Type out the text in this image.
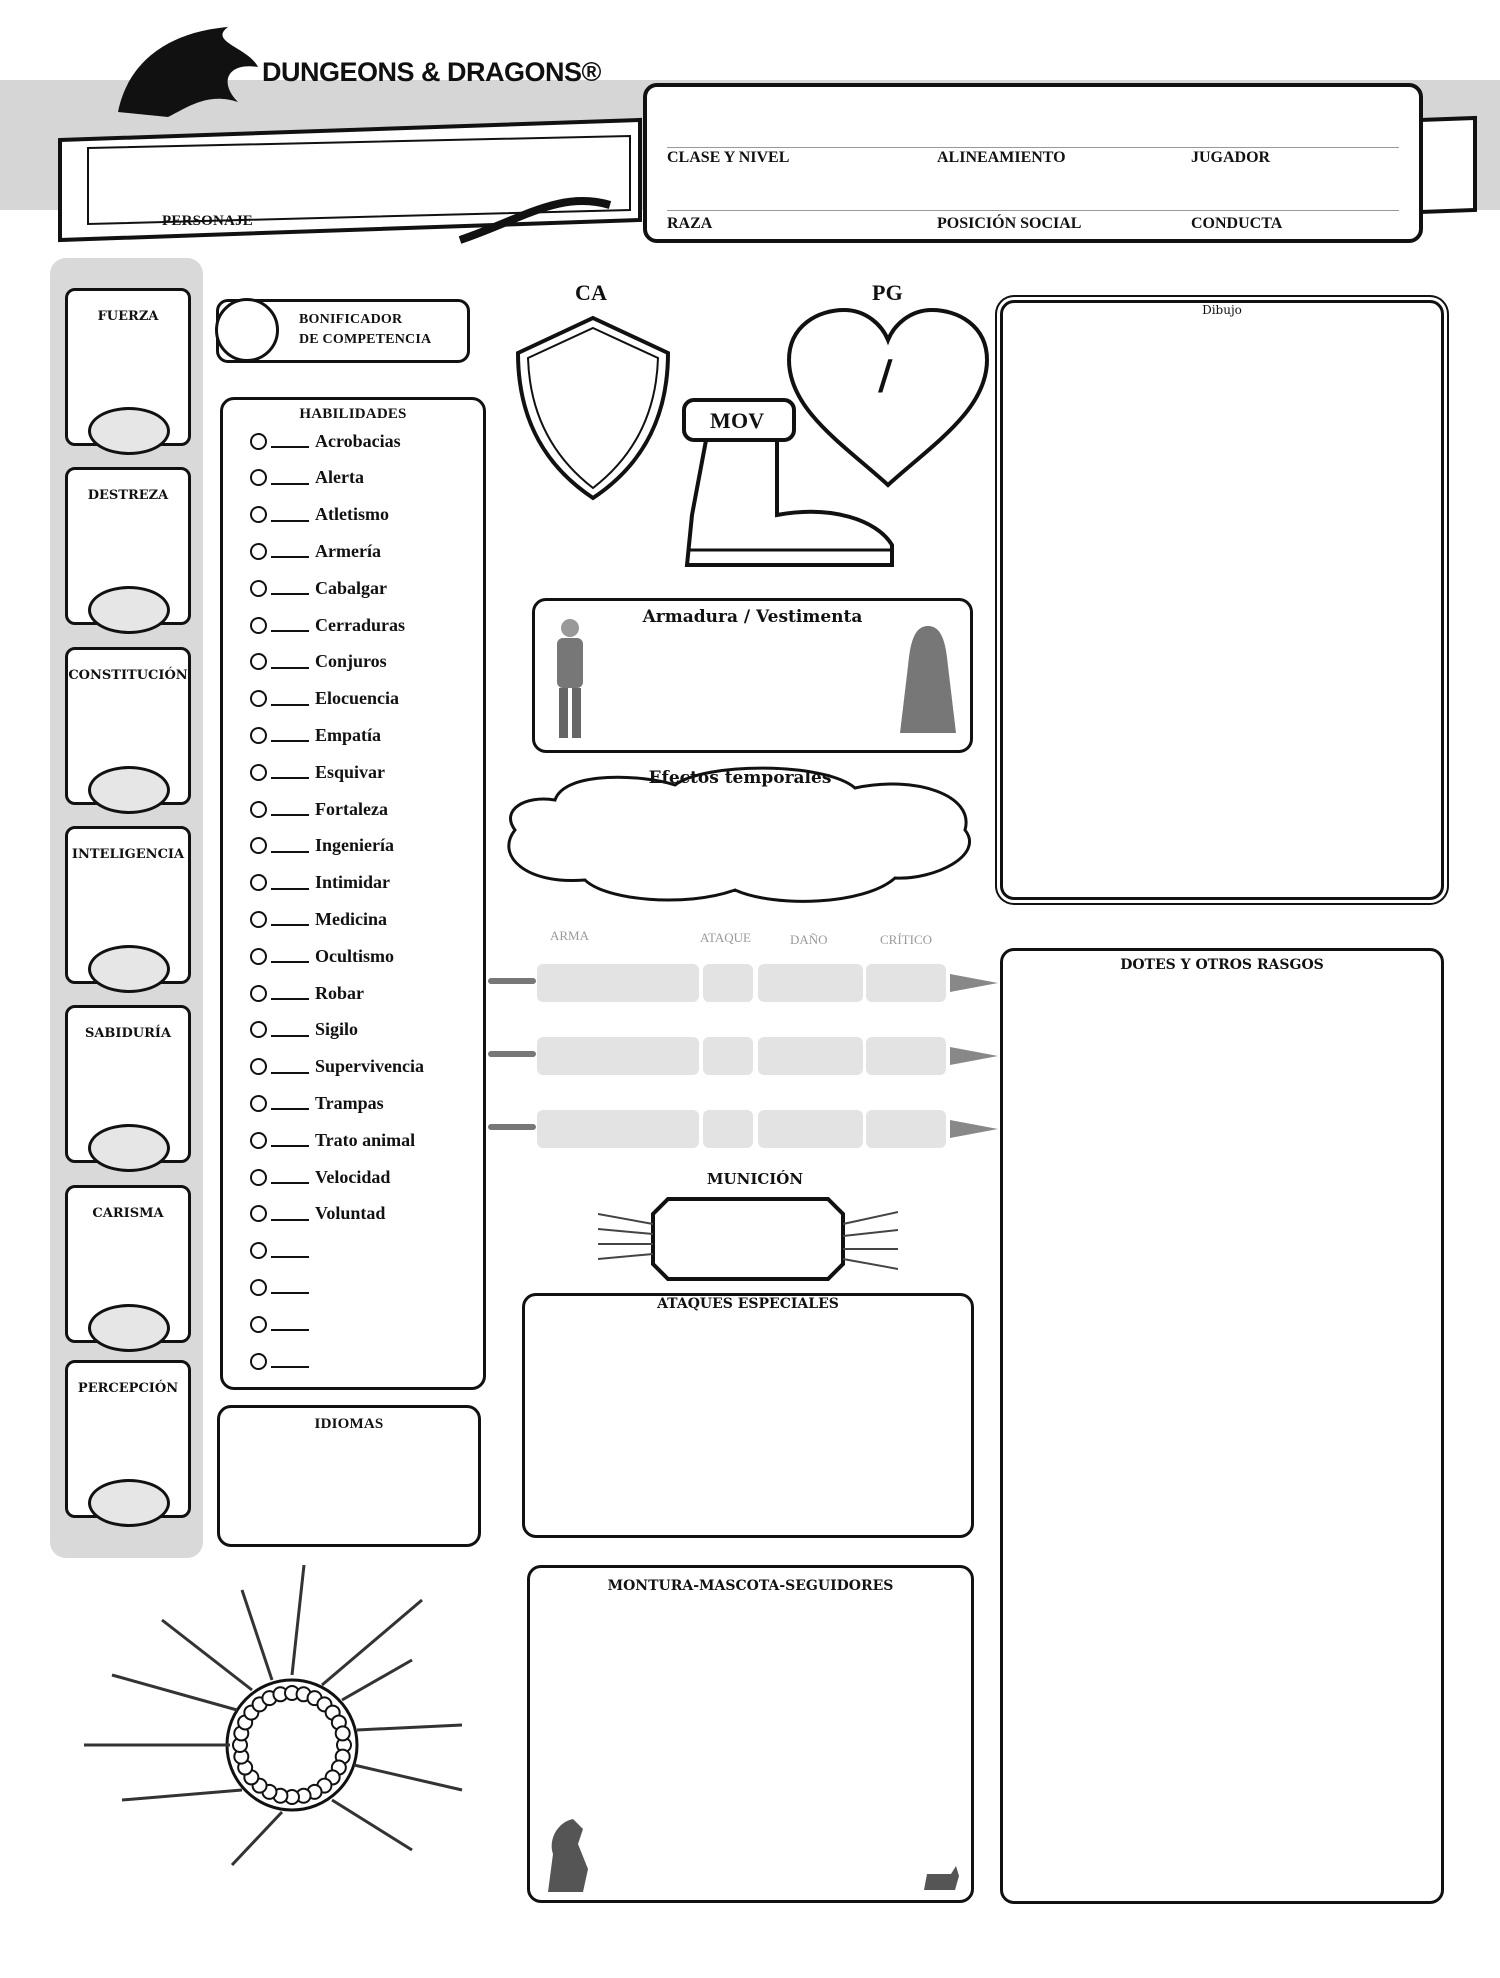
DUNGEONS & DRAGONS®
PERSONAJE
CLASE Y NIVEL	ALINEAMIENTO	JUGADOR
RAZA	POSICIÓN SOCIAL	CONDUCTA
FUERZA
DESTREZA
CONSTITUCIÓN
INTELIGENCIA
SABIDURÍA
CARISMA
PERCEPCIÓN
BONIFICADOR
DE COMPETENCIA
HABILIDADES
Acrobacias
Alerta
Atletismo
Armería
Cabalgar
Cerraduras
Conjuros
Elocuencia
Empatía
Esquivar
Fortaleza
Ingeniería
Intimidar
Medicina
Ocultismo
Robar
Sigilo
Supervivencia
Trampas
Trato animal
Velocidad
Voluntad
IDIOMAS
CA	PG
/
MOV
Armadura / Vestimenta
Efectos temporales
ARMA	ATAQUE	DAÑO	CRÍTICO
MUNICIÓN
ATAQUES ESPECIALES
MONTURA-MASCOTA-SEGUIDORES
Dibujo
DOTES Y OTROS RASGOS
